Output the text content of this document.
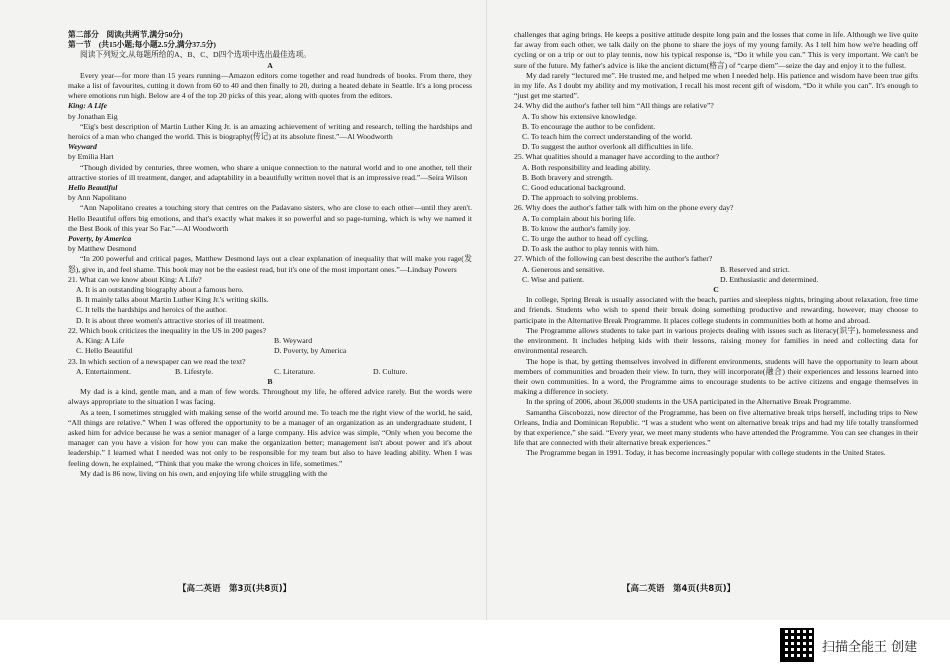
第二部分　阅读(共两节,满分50分)

第一节　(共15小题;每小题2.5分,满分37.5分)

阅读下列短文,从每题所给的A、B、C、D四个选项中选出最佳选项。

A

Every year—for more than 15 years running—Amazon editors come together and read hundreds of books. From there, they make a list of favourites, cutting it down from 60 to 40 and then finally to 20, during a heated debate in Seattle. It's a long process where emotions run high. Below are 4 of the top 20 picks of this year, along with quotes from the editors.

King: A Life

by Jonathan Eig

“Eig's best description of Martin Luther King Jr. is an amazing achievement of writing and research, telling the hardships and heroics of a man who changed the world. This is biography(传记) at its absolute finest.”—Al Woodworth

Weyward

by Emilia Hart

“Though divided by centuries, three women, who share a unique connection to the natural world and to one another, tell their attractive stories of ill treatment, danger, and adaptability in a beautifully written novel that is an impressive read.”—Seira Wilson

Hello Beautiful

by Ann Napolitano

“Ann Napolitano creates a touching story that centres on the Padavano sisters, who are close to each other—until they aren't. Hello Beautiful offers big emotions, and that's exactly what makes it so powerful and so page-turning, which is why we named it the Best Book of this year So Far.”—Al Woodworth

Poverty, by America

by Matthew Desmond

“In 200 powerful and critical pages, Matthew Desmond lays out a clear explanation of inequality that will make you rage(发怒), give in, and feel shame. This book may not be the easiest read, but it's one of the most important ones.”—Lindsay Powers

21. What can we know about King: A Life?

A. It is an outstanding biography about a famous hero.

B. It mainly talks about Martin Luther King Jr.'s writing skills.

C. It tells the hardships and heroics of the author.

D. It is about three women's attractive stories of ill treatment.

22. Which book criticizes the inequality in the US in 200 pages?

A. King: A Life	B. Weyward
C. Hello Beautiful	D. Poverty, by America

23. In which section of a newspaper can we read the text?

A. Entertainment.	B. Lifestyle.	C. Literature.	D. Culture.

B

My dad is a kind, gentle man, and a man of few words. Throughout my life, he offered advice rarely. But the words were always appropriate to the situation I was facing.

As a teen, I sometimes struggled with making sense of the world around me. To teach me the right view of the world, he said, “All things are relative.” When I was offered the opportunity to be a manager of an organization as an undergraduate student, I asked him for advice because he was a senior manager of a large company. His advice was simple, “Only when you become the manager can you have a vision for how you can make the organization better; management isn't about power and it's about leadership.” I learned what I needed was not only to be responsible for my team but also to have leading ability. When I was feeling down, he explained, “Think that you make the wrong choices in life, sometimes.”

My dad is 86 now, living on his own, and enjoying life while struggling with the

challenges that aging brings. He keeps a positive attitude despite long pain and the losses that come in life. Although we live quite far away from each other, we talk daily on the phone to share the joys of my young family. As I tell him how we're heading off cycling or on a trip or out to play tennis, now his typical response is, “Do it while you can.” This is very important. We can't be sure of the future. My father's advice is like the ancient dictum(格言) of “carpe diem”—seize the day and enjoy it to the fullest.

My dad rarely “lectured me”. He trusted me, and helped me when I needed help. His patience and wisdom have been true gifts in my life. As I doubt my ability and my motivation, I recall his most recent gift of wisdom, “Do it while you can”. It's enough to “just get me started”.

24. Why did the author's father tell him “All things are relative”?

A. To show his extensive knowledge.

B. To encourage the author to be confident.

C. To teach him the correct understanding of the world.

D. To suggest the author overlook all difficulties in life.

25. What qualities should a manager have according to the author?

A. Both responsibility and leading ability.

B. Both bravery and strength.

C. Good educational background.

D. The approach to solving problems.

26. Why does the author's father talk with him on the phone every day?

A. To complain about his boring life.

B. To know the author's family joy.

C. To urge the author to head off cycling.

D. To ask the author to play tennis with him.

27. Which of the following can best describe the author's father?

A. Generous and sensitive.	B. Reserved and strict.
C. Wise and patient.	D. Enthusiastic and determined.

C

In college, Spring Break is usually associated with the beach, parties and sleepless nights, bringing about relaxation, free time and friends. Students who wish to spend their break doing something productive and rewarding, however, may choose to participate in the Alternative Break Programme. It places college students in communities both at home and abroad.

The Programme allows students to take part in various projects dealing with issues such as literacy(识字), homelessness and the environment. It includes helping kids with their lessons, raising money for families in need and collecting data for environmental research.

The hope is that, by getting themselves involved in different environments, students will have the opportunity to learn about members of communities and broaden their view. In turn, they will incorporate(融合) their experiences and lessons learned into their own communities. In a word, the Programme aims to encourage students to be active citizens and engage themselves in making a difference in society.

In the spring of 2006, about 36,000 students in the USA participated in the Alternative Break Programme.

Samantha Giscobozzi, now director of the Programme, has been on five alternative break trips herself, including trips to New Orleans, India and Dominican Republic. “I was a student who went on alternative break trips and had my life totally transformed by that experience,” she said. “Every year, we meet many students who have attended the Programme. You can see changes in their life that are connected with their alternative break experiences.”

The Programme began in 1991. Today, it has become increasingly popular with college students in the United States.

【高二英语　第3页(共8页)】	【高二英语　第4页(共8页)】
扫描全能王 创建
